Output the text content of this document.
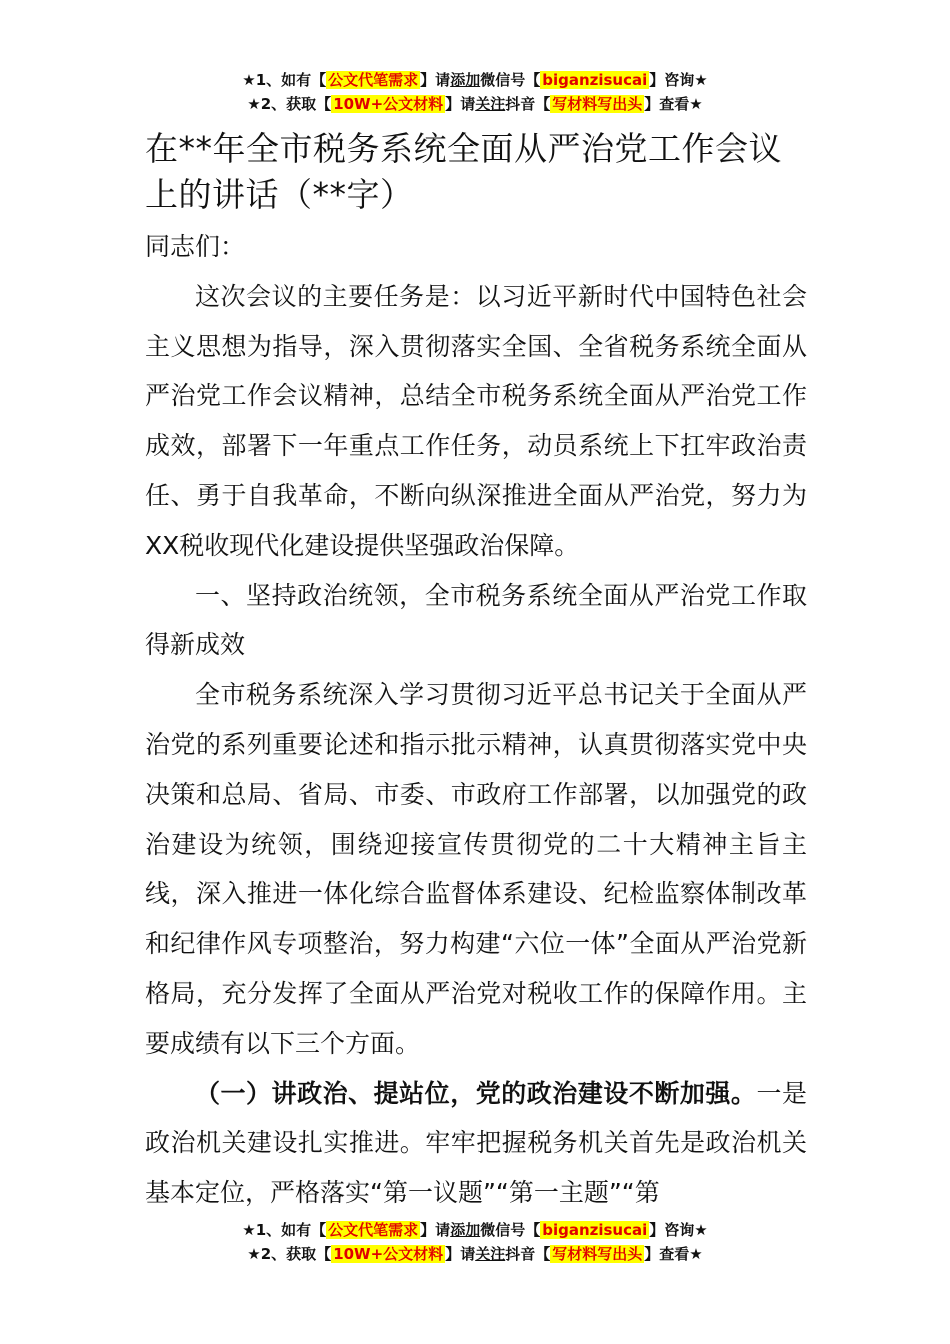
★1、如有【 公文代笔需求 】请添加微信号【 biganzisucai 】咨询★
★2、获取【 10W+公文材料 】请关注抖音【 写材料写出头 】查看★
在**年全市税务系统全面从严治党工作会议上的讲话（**字）

同志们：

这次会议的主要任务是：以习近平新时代中国特色社会主义思想为指导，深入贯彻落实全国、全省税务系统全面从严治党工作会议精神，总结全市税务系统全面从严治党工作成效，部署下一年重点工作任务，动员系统上下扛牢政治责任、勇于自我革命，不断向纵深推进全面从严治党，努力为XX税收现代化建设提供坚强政治保障。

一、坚持政治统领，全市税务系统全面从严治党工作取得新成效

全市税务系统深入学习贯彻习近平总书记关于全面从严治党的系列重要论述和指示批示精神，认真贯彻落实党中央决策和总局、省局、市委、市政府工作部署，以加强党的政治建设为统领，围绕迎接宣传贯彻党的二十大精神主旨主线，深入推进一体化综合监督体系建设、纪检监察体制改革和纪律作风专项整治，努力构建“六位一体”全面从严治党新格局，充分发挥了全面从严治党对税收工作的保障作用。主要成绩有以下三个方面。

（一）讲政治、提站位，党的政治建设不断加强。一是政治机关建设扎实推进。牢牢把握税务机关首先是政治机关基本定位，严格落实“第一议题”“第一主题”“第

★1、如有【 公文代笔需求 】请添加微信号【 biganzisucai 】咨询★
★2、获取【 10W+公文材料 】请关注抖音【 写材料写出头 】查看★
